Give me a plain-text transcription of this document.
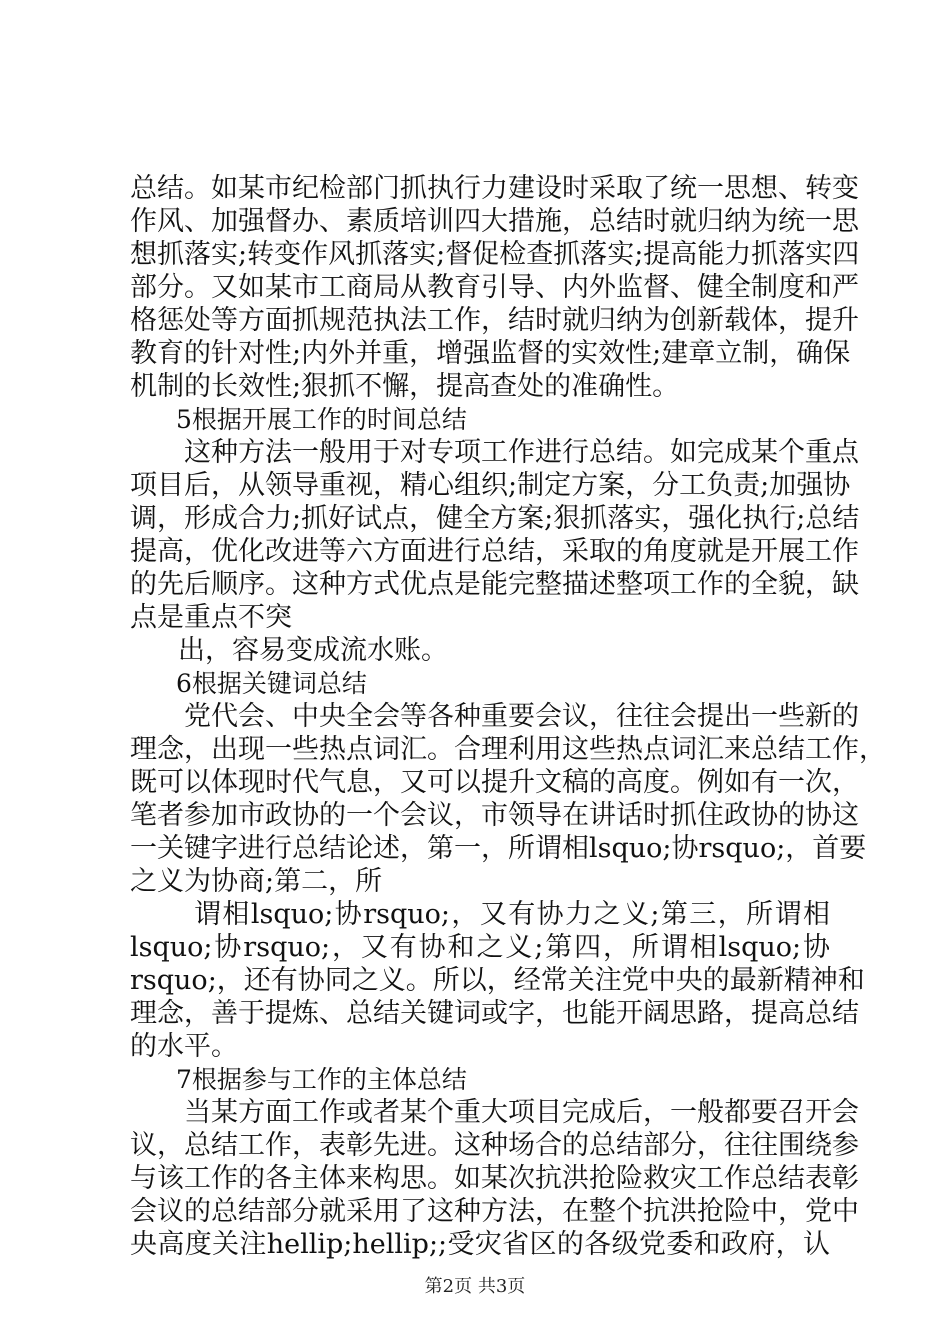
总结。如某市纪检部门抓执行力建设时采取了统一思想、转变
作风、加强督办、素质培训四大措施，总结时就归纳为统一思
想抓落实;转变作风抓落实;督促检查抓落实;提高能力抓落实四
部分。又如某市工商局从教育引导、内外监督、健全制度和严
格惩处等方面抓规范执法工作，结时就归纳为创新载体，提升
教育的针对性;内外并重，增强监督的实效性;建章立制，确保
机制的长效性;狠抓不懈，提高查处的准确性。
5根据开展工作的时间总结
这种方法一般用于对专项工作进行总结。如完成某个重点
项目后，从领导重视，精心组织;制定方案，分工负责;加强协
调，形成合力;抓好试点，健全方案;狠抓落实，强化执行;总结
提高，优化改进等六方面进行总结，采取的角度就是开展工作
的先后顺序。这种方式优点是能完整描述整项工作的全貌，缺
点是重点不突
出，容易变成流水账。
6根据关键词总结
党代会、中央全会等各种重要会议，往往会提出一些新的
理念，出现一些热点词汇。合理利用这些热点词汇来总结工作，
既可以体现时代气息，又可以提升文稿的高度。例如有一次，
笔者参加市政协的一个会议，市领导在讲话时抓住政协的协这
一关键字进行总结论述，第一，所谓相lsquo;协rsquo;，首要
之义为协商;第二，所
谓相lsquo;协rsquo;，又有协力之义;第三，所谓相
lsquo;协rsquo;，又有协和之义;第四，所谓相lsquo;协
rsquo;，还有协同之义。所以，经常关注党中央的最新精神和
理念，善于提炼、总结关键词或字，也能开阔思路，提高总结
的水平。
7根据参与工作的主体总结
当某方面工作或者某个重大项目完成后，一般都要召开会
议，总结工作，表彰先进。这种场合的总结部分，往往围绕参
与该工作的各主体来构思。如某次抗洪抢险救灾工作总结表彰
会议的总结部分就采用了这种方法，在整个抗洪抢险中，党中
央高度关注hellip;hellip;;受灾省区的各级党委和政府，认
第2页 共3页
